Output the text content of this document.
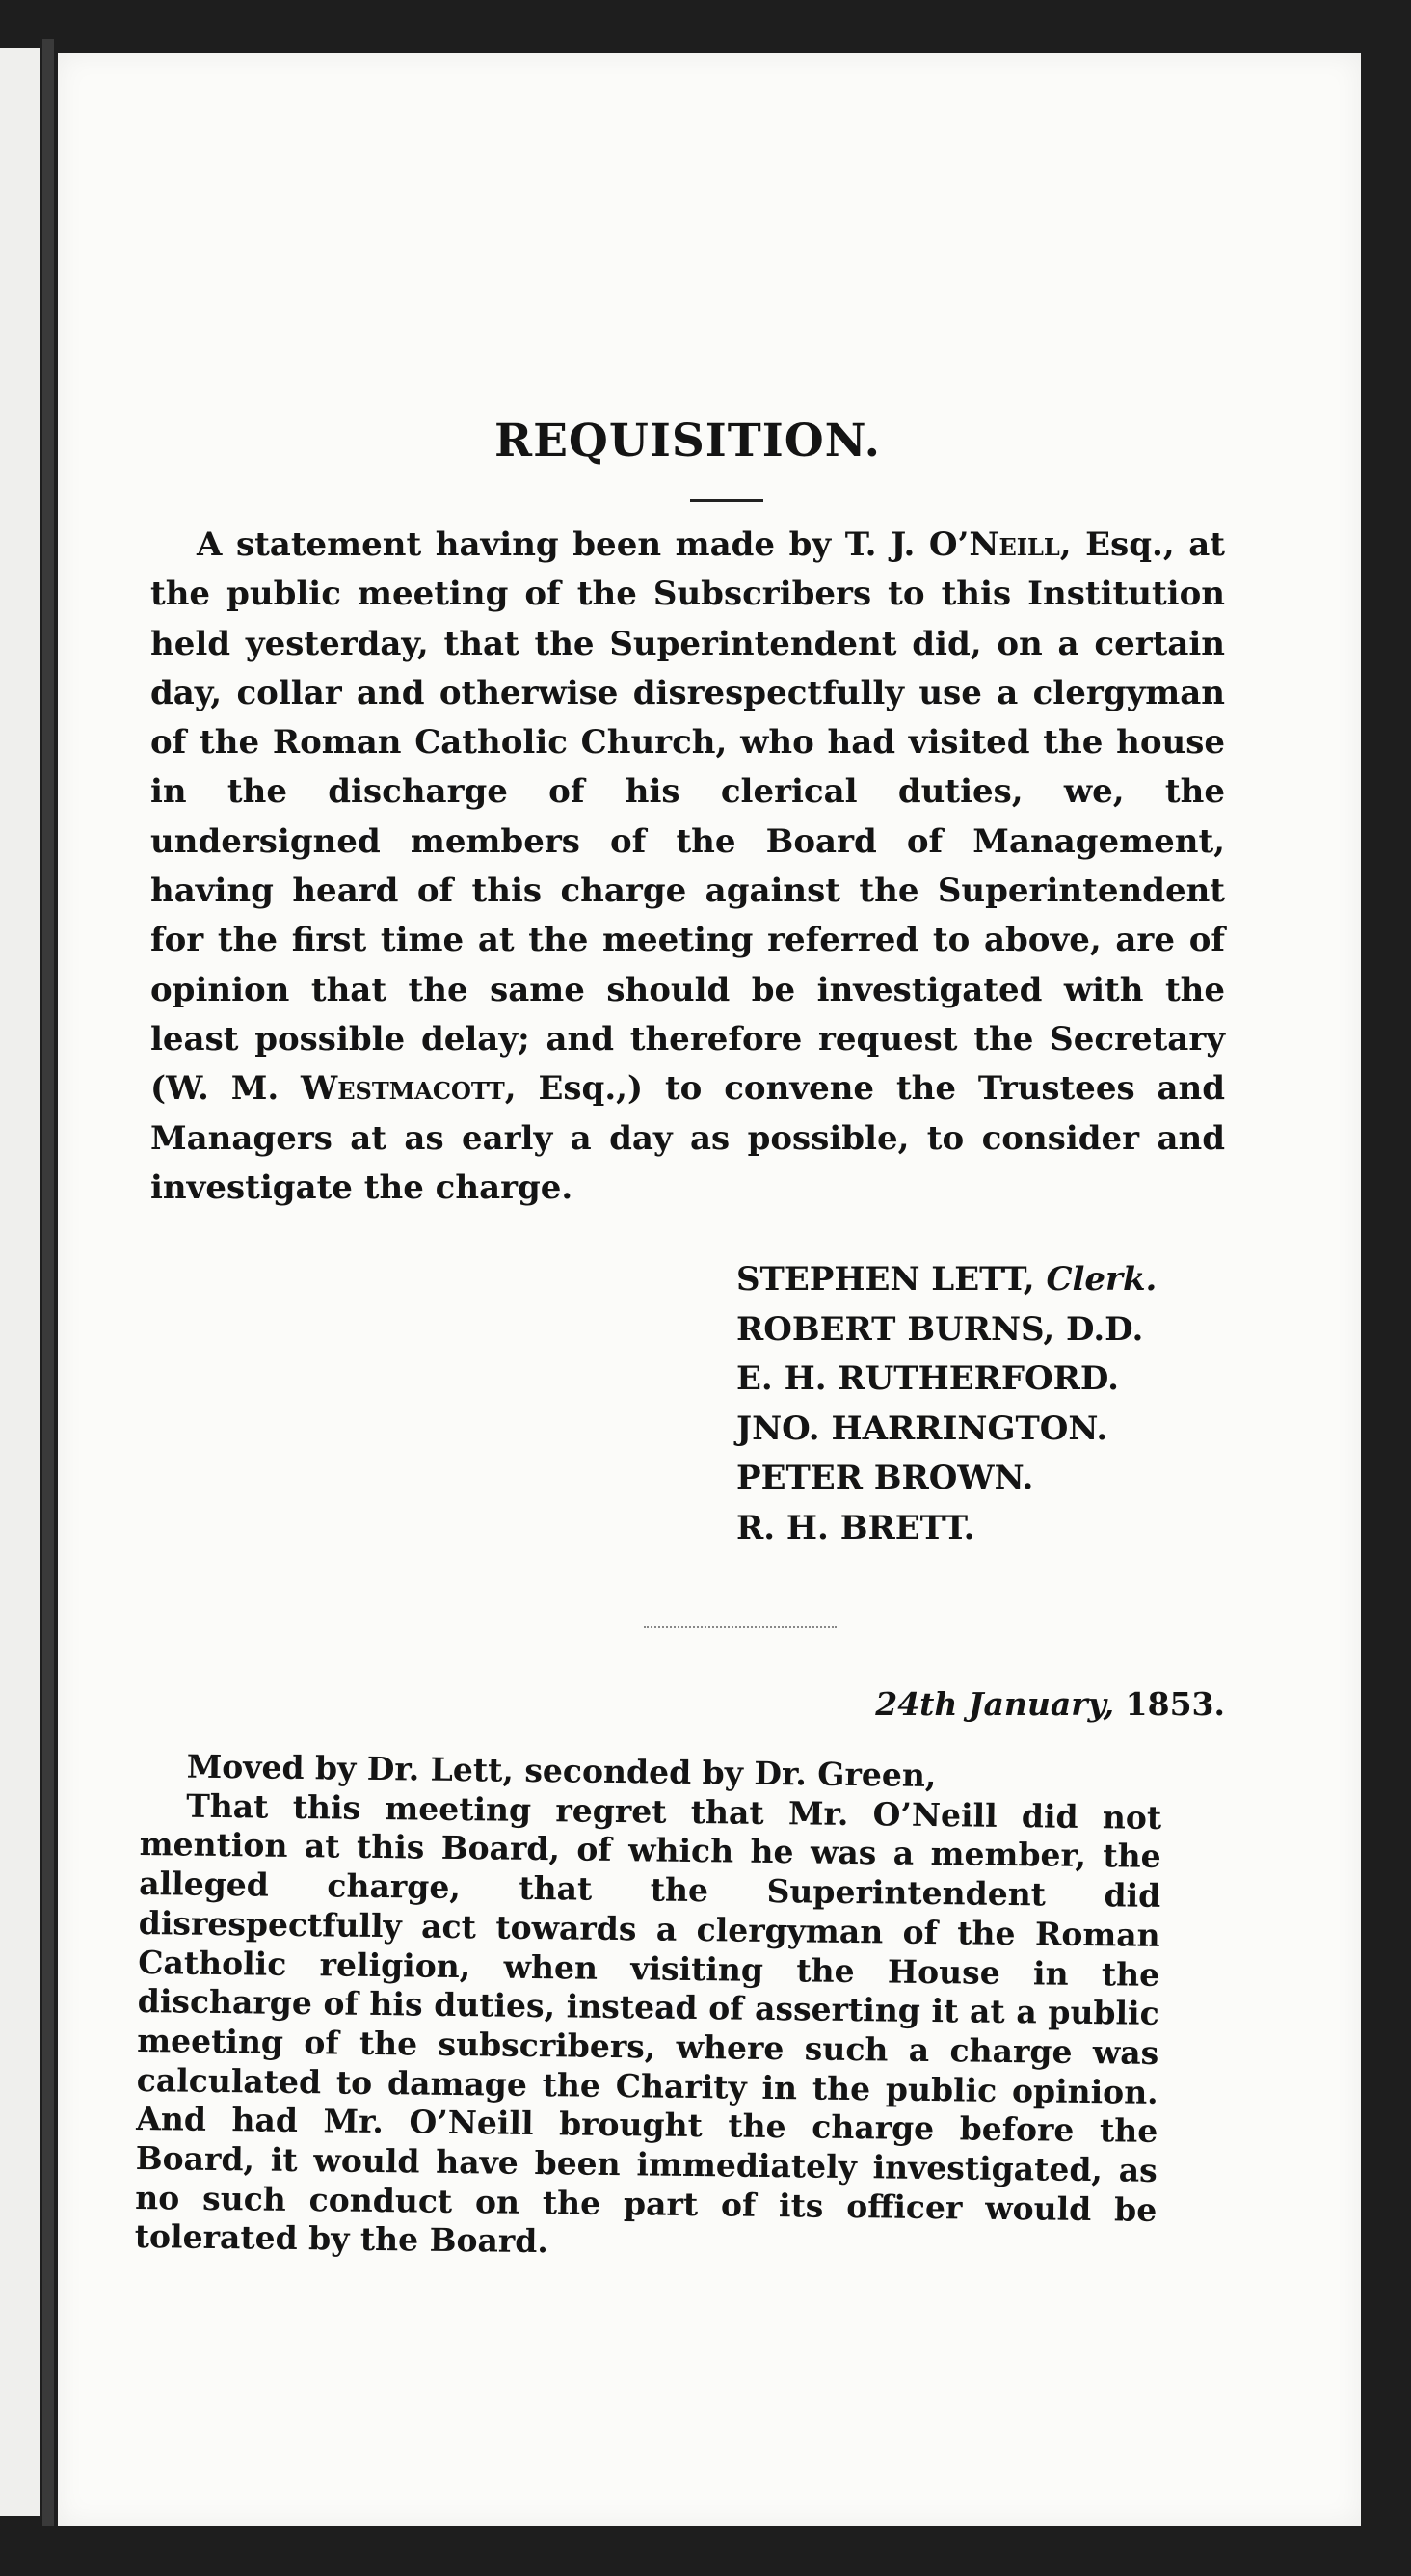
REQUISITION.

A statement having been made by T. J. O’Neill, Esq., at the public meeting of the Subscribers to this Institution held yesterday, that the Superintendent did, on a certain day, collar and otherwise disrespectfully use a clergyman of the Roman Catholic Church, who had visited the house in the discharge of his clerical duties, we, the undersigned members of the Board of Management, having heard of this charge against the Superintendent for the first time at the meeting referred to above, are of opinion that the same should be investigated with the least possible delay; and therefore request the Secretary (W. M. Westmacott, Esq.,) to convene the Trustees and Managers at as early a day as possible, to consider and investigate the charge.

STEPHEN LETT, Clerk.
ROBERT BURNS, D.D.
E. H. RUTHERFORD.
JNO. HARRINGTON.
PETER BROWN.
R. H. BRETT.

24th January, 1853.

Moved by Dr. Lett, seconded by Dr. Green,

That this meeting regret that Mr. O’Neill did not mention at this Board, of which he was a member, the alleged charge, that the Superintendent did disrespectfully act towards a clergyman of the Roman Catholic religion, when visiting the House in the discharge of his duties, instead of asserting it at a public meeting of the subscribers, where such a charge was calculated to damage the Charity in the public opinion. And had Mr. O’Neill brought the charge before the Board, it would have been immediately investigated, as no such conduct on the part of its officer would be tolerated by the Board.
